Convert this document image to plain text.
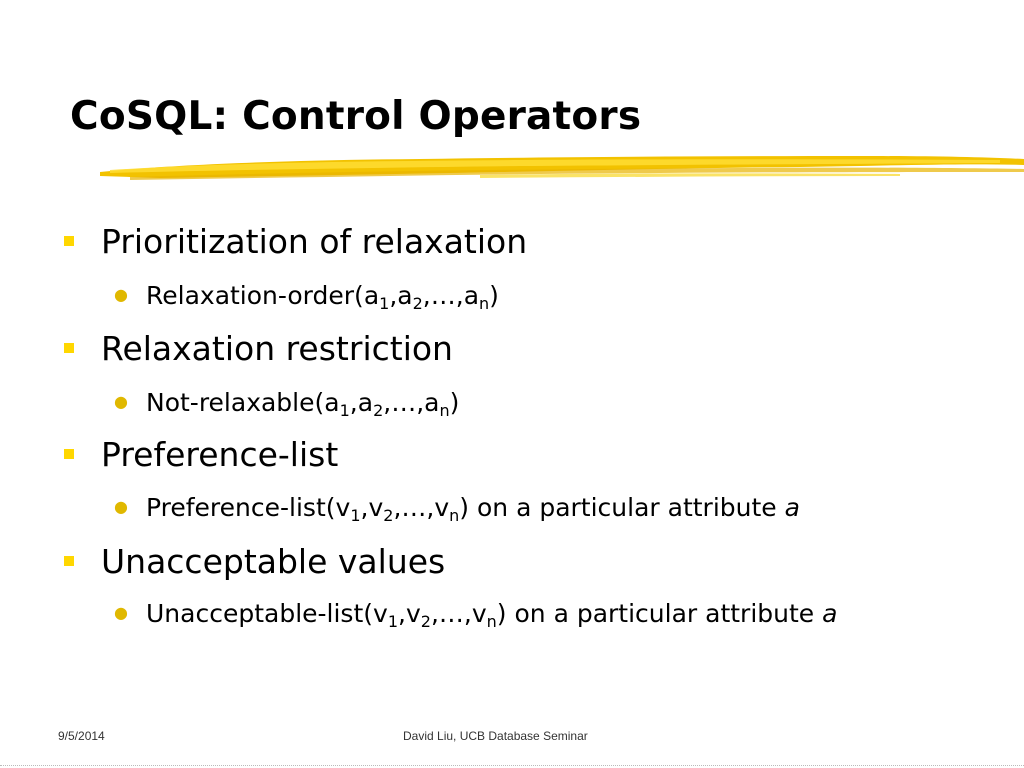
CoSQL: Control Operators
Prioritization of relaxation
● Relaxation-$order(a_1,a_2,\dots,a_n)$
Relaxation restriction
● Not-$relaxable(a_1,a_2,\dots,a_n)$
Preference-list
● Preference-$list(v_1,v_2,\dots,v_n)$ on a particular attribute a
Unacceptable values
● Unacceptable-$list(v_1,v_2,\dots,v_n)$ on a particular attribute a
9/5/2014	David Liu, UCB Database Seminar
